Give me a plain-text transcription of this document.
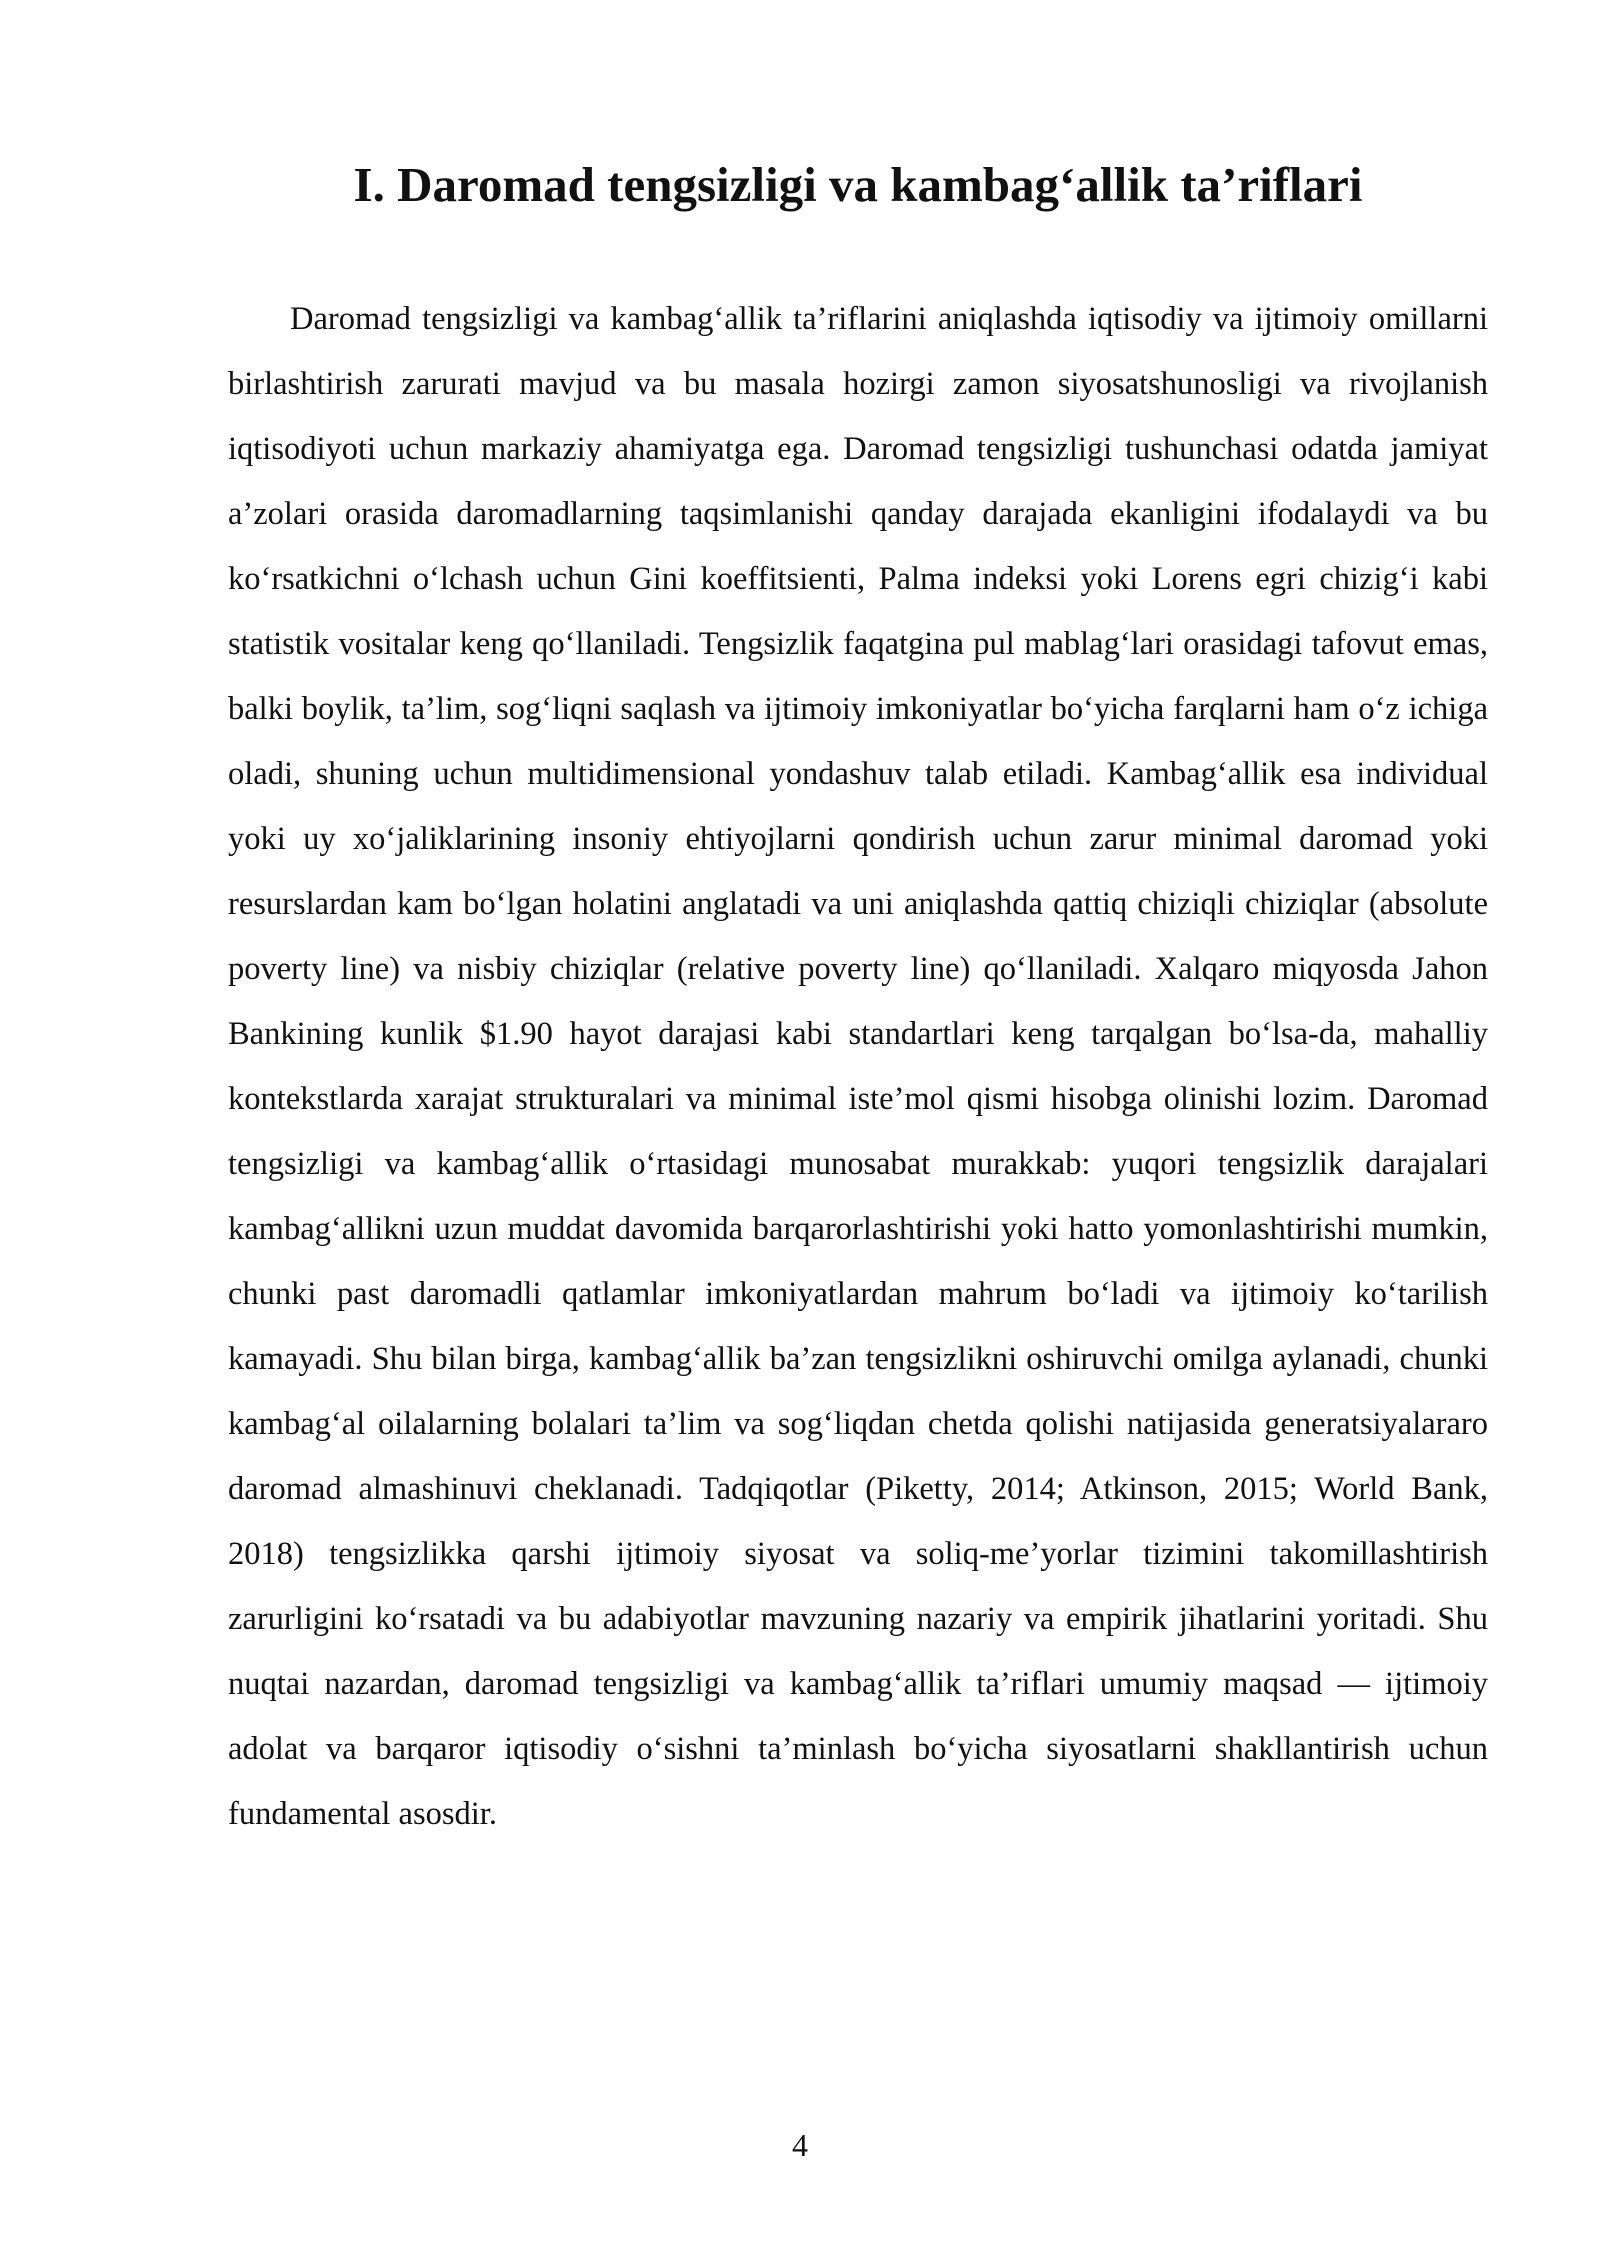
I. Daromad tengsizligi va kambag‘allik ta’riflari

Daromad tengsizligi va kambag‘allik ta’riflarini aniqlashda iqtisodiy va ijtimoiy omillarni birlashtirish zarurati mavjud va bu masala hozirgi zamon siyosatshunosligi va rivojlanish iqtisodiyoti uchun markaziy ahamiyatga ega. Daromad tengsizligi tushunchasi odatda jamiyat a’zolari orasida daromadlarning taqsimlanishi qanday darajada ekanligini ifodalaydi va bu ko‘rsatkichni o‘lchash uchun Gini koeffitsienti, Palma indeksi yoki Lorens egri chizig‘i kabi statistik vositalar keng qo‘llaniladi. Tengsizlik faqatgina pul mablag‘lari orasidagi tafovut emas, balki boylik, ta’lim, sog‘liqni saqlash va ijtimoiy imkoniyatlar bo‘yicha farqlarni ham o‘z ichiga oladi, shuning uchun multidimensional yondashuv talab etiladi. Kambag‘allik esa individual yoki uy xo‘jaliklarining insoniy ehtiyojlarni qondirish uchun zarur minimal daromad yoki resurslardan kam bo‘lgan holatini anglatadi va uni aniqlashda qattiq chiziqli chiziqlar (absolute poverty line) va nisbiy chiziqlar (relative poverty line) qo‘llaniladi. Xalqaro miqyosda Jahon Bankining kunlik $1.90 hayot darajasi kabi standartlari keng tarqalgan bo‘lsa-da, mahalliy kontekstlarda xarajat strukturalari va minimal iste’mol qismi hisobga olinishi lozim. Daromad tengsizligi va kambag‘allik o‘rtasidagi munosabat murakkab: yuqori tengsizlik darajalari kambag‘allikni uzun muddat davomida barqarorlashtirishi yoki hatto yomonlashtirishi mumkin, chunki past daromadli qatlamlar imkoniyatlardan mahrum bo‘ladi va ijtimoiy ko‘tarilish kamayadi. Shu bilan birga, kambag‘allik ba’zan tengsizlikni oshiruvchi omilga aylanadi, chunki kambag‘al oilalarning bolalari ta’lim va sog‘liqdan chetda qolishi natijasida generatsiyalararo daromad almashinuvi cheklanadi. Tadqiqotlar (Piketty, 2014; Atkinson, 2015; World Bank, 2018) tengsizlikka qarshi ijtimoiy siyosat va soliq-me’yorlar tizimini takomillashtirish zarurligini ko‘rsatadi va bu adabiyotlar mavzuning nazariy va empirik jihatlarini yoritadi. Shu nuqtai nazardan, daromad tengsizligi va kambag‘allik ta’riflari umumiy maqsad — ijtimoiy adolat va barqaror iqtisodiy o‘sishni ta’minlash bo‘yicha siyosatlarni shakllantirish uchun fundamental asosdir.

4
